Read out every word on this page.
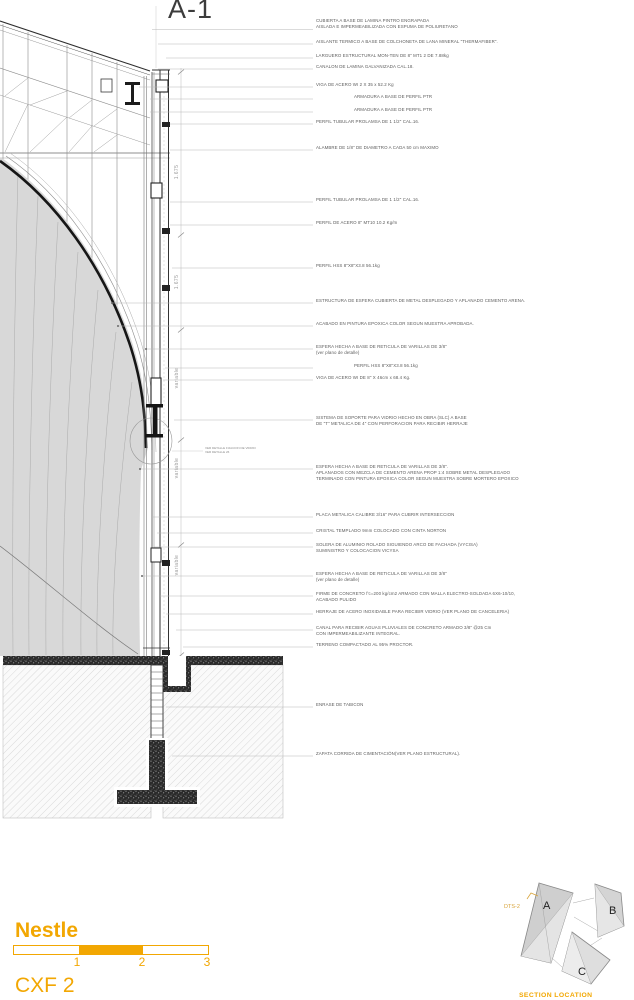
A-1
1.675
1.675
variable
variable
variable
VER DETALLE FIJACION DE VIDRIO
VER DETALLE 26
A	B
C
DTS-2
SECTION LOCATION
CUBIERTA A BASE DE LAMINA PINTRO ENGRAPADA
AISLADA E IMPERMEABILIZADA CON ESPUMA DE POLIURETANO
AISLANTE TERMICO A BASE DE COLCHONETA DE LANA MINERAL "THERMAFIBER".
LARGUERO ESTRUCTURAL MON-TEN DE 8" MT1 2 DE 7.88kg
CANALON DE LAMINA GALVANIZADA CAL.18.
VIGA DE ACERO WI 2 X 35 x 52.2 Kg
ARMADURA A BASE DE PERFIL PTR
ARMADURA A BASE DE PERFIL PTR
PERFIL TUBULAR PROLAMSA DE 1 1/2" CAL.16.
ALAMBRE DE 1/8" DE DIAMETRO A CADA 50 cm MAXIMO
PERFIL TUBULAR PROLAMSA DE 1 1/2" CAL.16.
PERFIL DE ACERO 8" MT10 10.2 Kg/m
PERFIL HSS 8"X8"X3.8 56.1kg
ESTRUCTURA DE ESFERA CUBIERTA DE METAL DESPLEGADO Y APLANADO CEMENTO ARENA.
ACABADO EN PINTURA EPOXICA COLOR SEGUN MUESTRA APROBADA.
ESFERA HECHA A BASE DE RETICULA DE VARILLAS DE 3/8"
(ver plano de detalle)
PERFIL HSS 8"X8"X3.8 56.1kg
VIGA DE ACERO WI DE 8" X 46cm x 68.4 Kg.
SISTEMA DE SOPORTE PARA VIDRIO HECHO EN OBRA (SLC) A BASE
DE "T" METALICA DE 4" CON PERFORACION PARA RECIBIR HERRAJE
ESFERA HECHA A BASE DE RETICULA DE VARILLAS DE 3/8".
APLANADOS CON MEZCLA DE CEMENTO ARENA PROP 1:4 SOBRE METAL DESPLEGADO
TERMINADO CON PINTURA EPOXICA COLOR SEGUN MUESTRA SOBRE MORTERO EPOXICO
PLACA METALICA CALIBRE 3/16" PARA CUBRIR INTERSECCION
CRISTAL TEMPLADO 9mm COLOCADO CON CINTA NORTON
SOLERA DE ALUMINIO ROLADO SIGUIENDO ARCO DE FACHADA (VYCISA)
SUMINISTRO Y COLOCACION VICYSA
ESFERA HECHA A BASE DE RETICULA DE VARILLAS DE 3/8"
(ver plano de detalle)
FIRME DE CONCRETO f'c=200 kg/cm2 ARMADO CON MALLA ELECTRO-SOLDADA 6X6-10/10,
ACABADO PULIDO
HERRAJE DE ACERO INOXIDABLE PARA RECIBIR VIDRIO (VER PLANO DE CANCELERIA)
CANAL PARA RECIBIR AGUAS PLUVIALES DE CONCRETO ARMADO 3/8" @25 Cm
CON IMPERMEABILIZANTE INTEGRAL.
TERRENO COMPACTADO AL 95% PROCTOR.
ENRASE DE TABICON
ZAPATA CORRIDA DE CIMENTACIÓN(VER PLANO ESTRUCTURAL).
Nestle
1	2	3
CXF 2
